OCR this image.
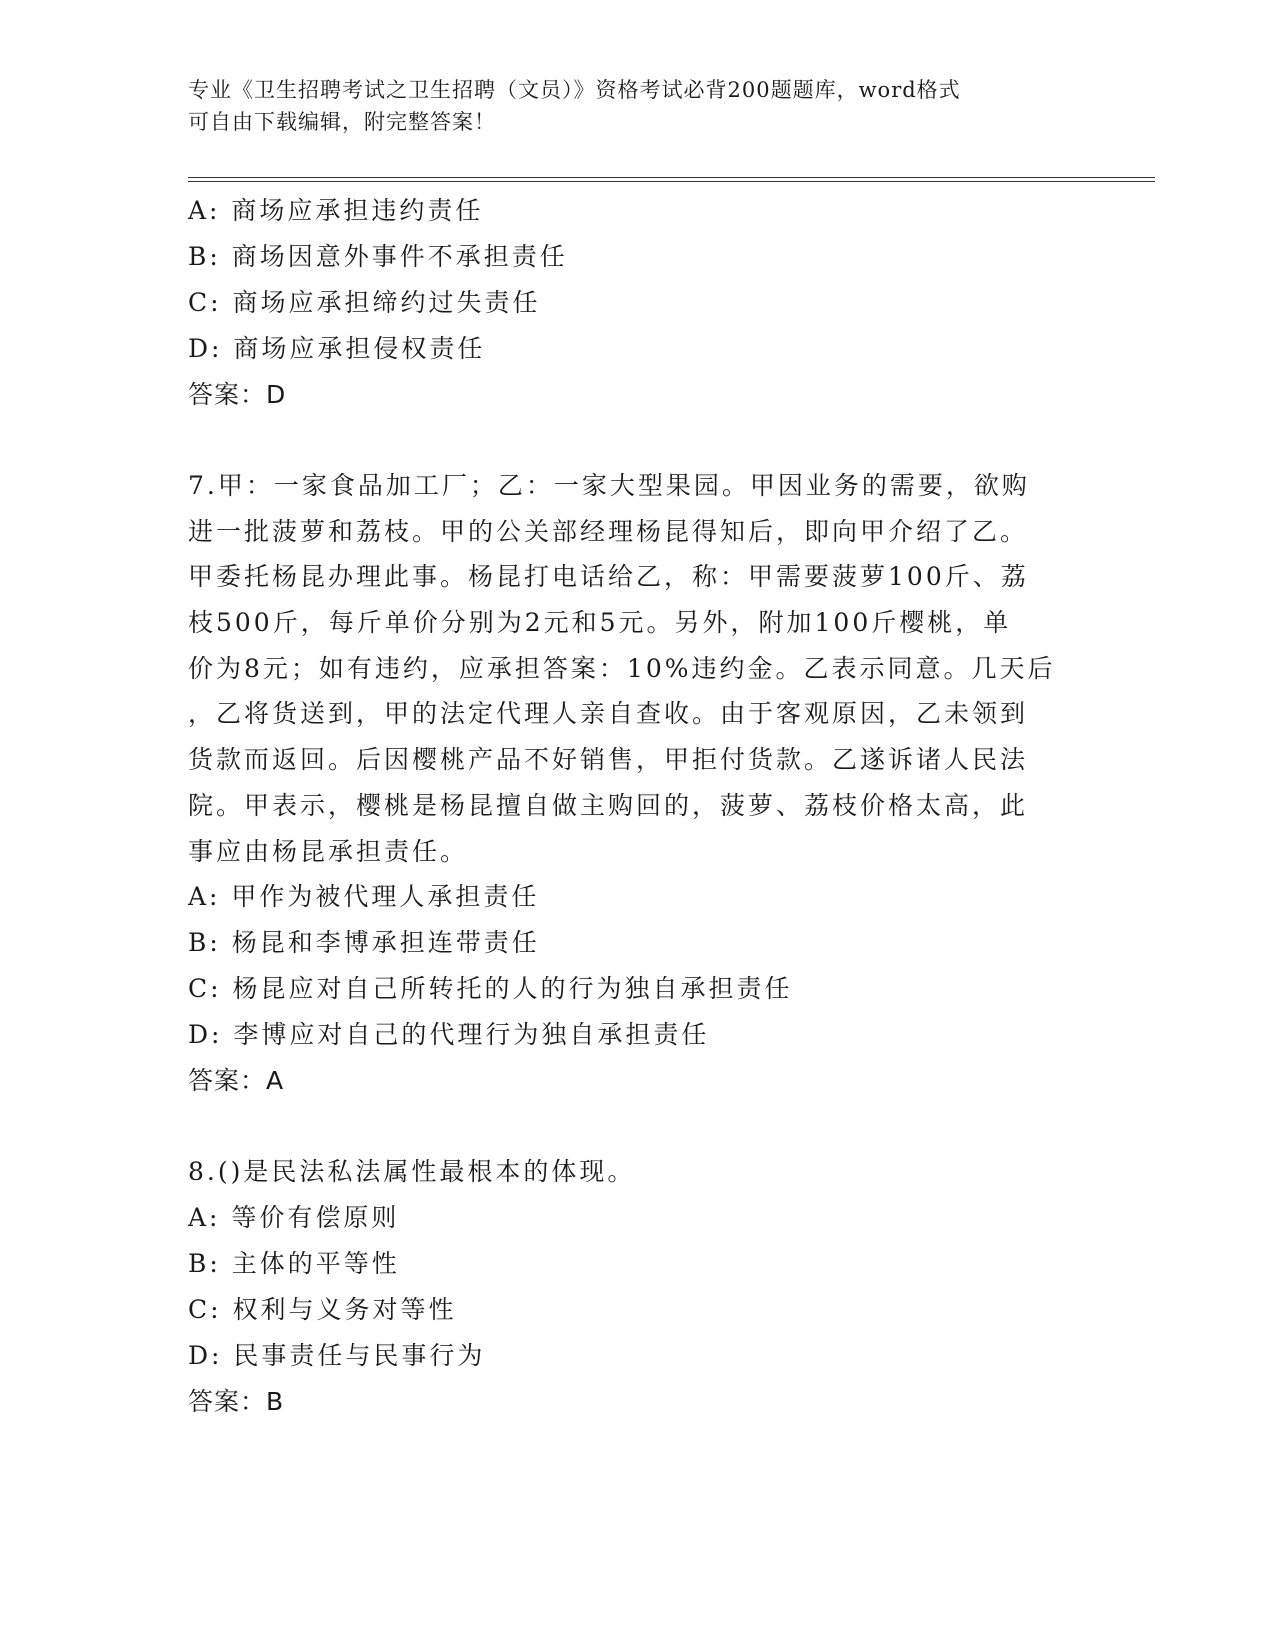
专业《卫生招聘考试之卫生招聘（文员）》资格考试必背200题题库，word格式
可自由下载编辑，附完整答案！
A: 商场应承担违约责任
B: 商场因意外事件不承担责任
C: 商场应承担缔约过失责任
D: 商场应承担侵权责任
答案：D
7.甲：一家食品加工厂；乙：一家大型果园。甲因业务的需要，欲购
进一批菠萝和荔枝。甲的公关部经理杨昆得知后，即向甲介绍了乙。
甲委托杨昆办理此事。杨昆打电话给乙，称：甲需要菠萝100斤、荔
枝500斤，每斤单价分别为2元和5元。另外，附加100斤樱桃，单
价为8元；如有违约，应承担答案：10%违约金。乙表示同意。几天后
，乙将货送到，甲的法定代理人亲自查收。由于客观原因，乙未领到
货款而返回。后因樱桃产品不好销售，甲拒付货款。乙遂诉诸人民法
院。甲表示，樱桃是杨昆擅自做主购回的，菠萝、荔枝价格太高，此
事应由杨昆承担责任。
A: 甲作为被代理人承担责任
B: 杨昆和李博承担连带责任
C: 杨昆应对自己所转托的人的行为独自承担责任
D: 李博应对自己的代理行为独自承担责任
答案：A
8.()是民法私法属性最根本的体现。
A: 等价有偿原则
B: 主体的平等性
C: 权利与义务对等性
D: 民事责任与民事行为
答案：B
